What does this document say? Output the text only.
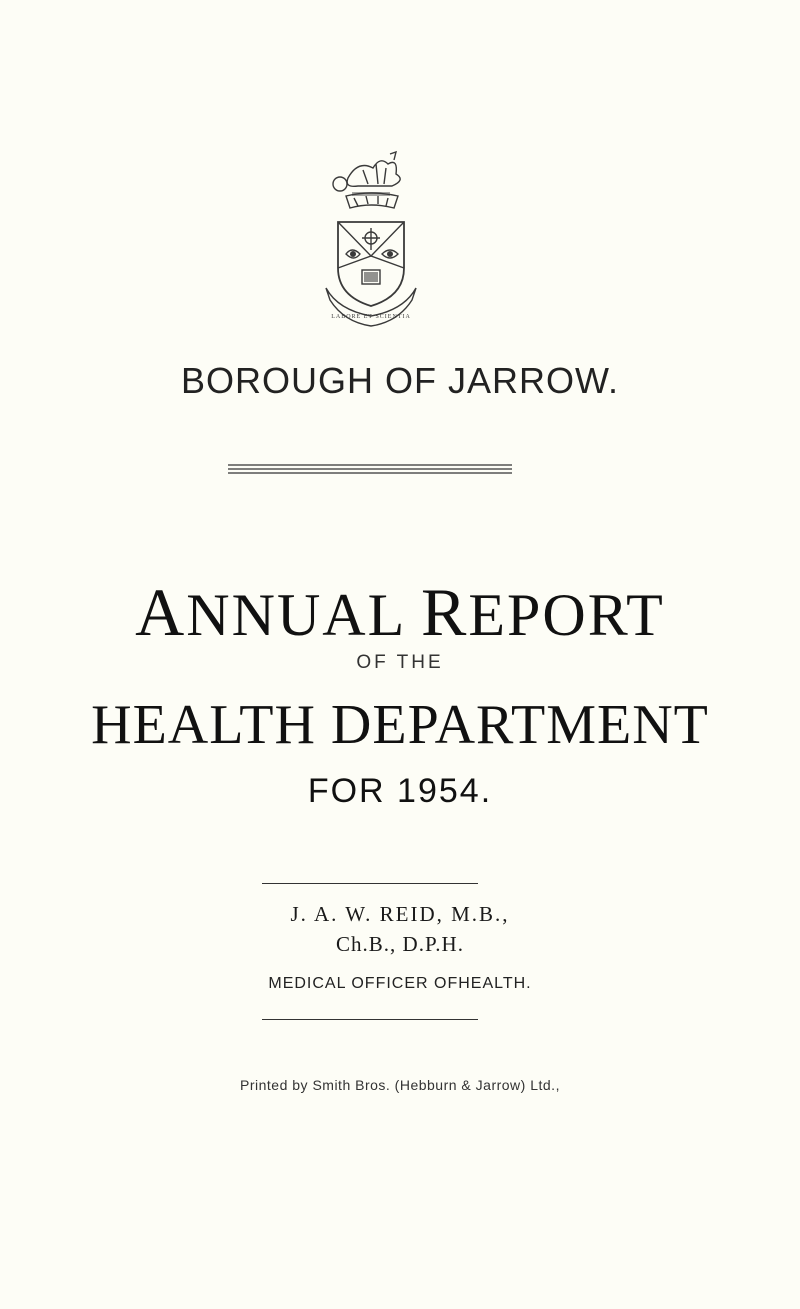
LABORE ET SCIENTIA
BOROUGH OF JARROW.
ANNUAL REPORT
OF THE
HEALTH DEPARTMENT
FOR 1954.
J. A. W. REID, M.B.,
Ch.B., D.P.H.
MEDICAL OFFICER OFHEALTH.
Printed by Smith Bros. (Hebburn & Jarrow) Ltd.,
